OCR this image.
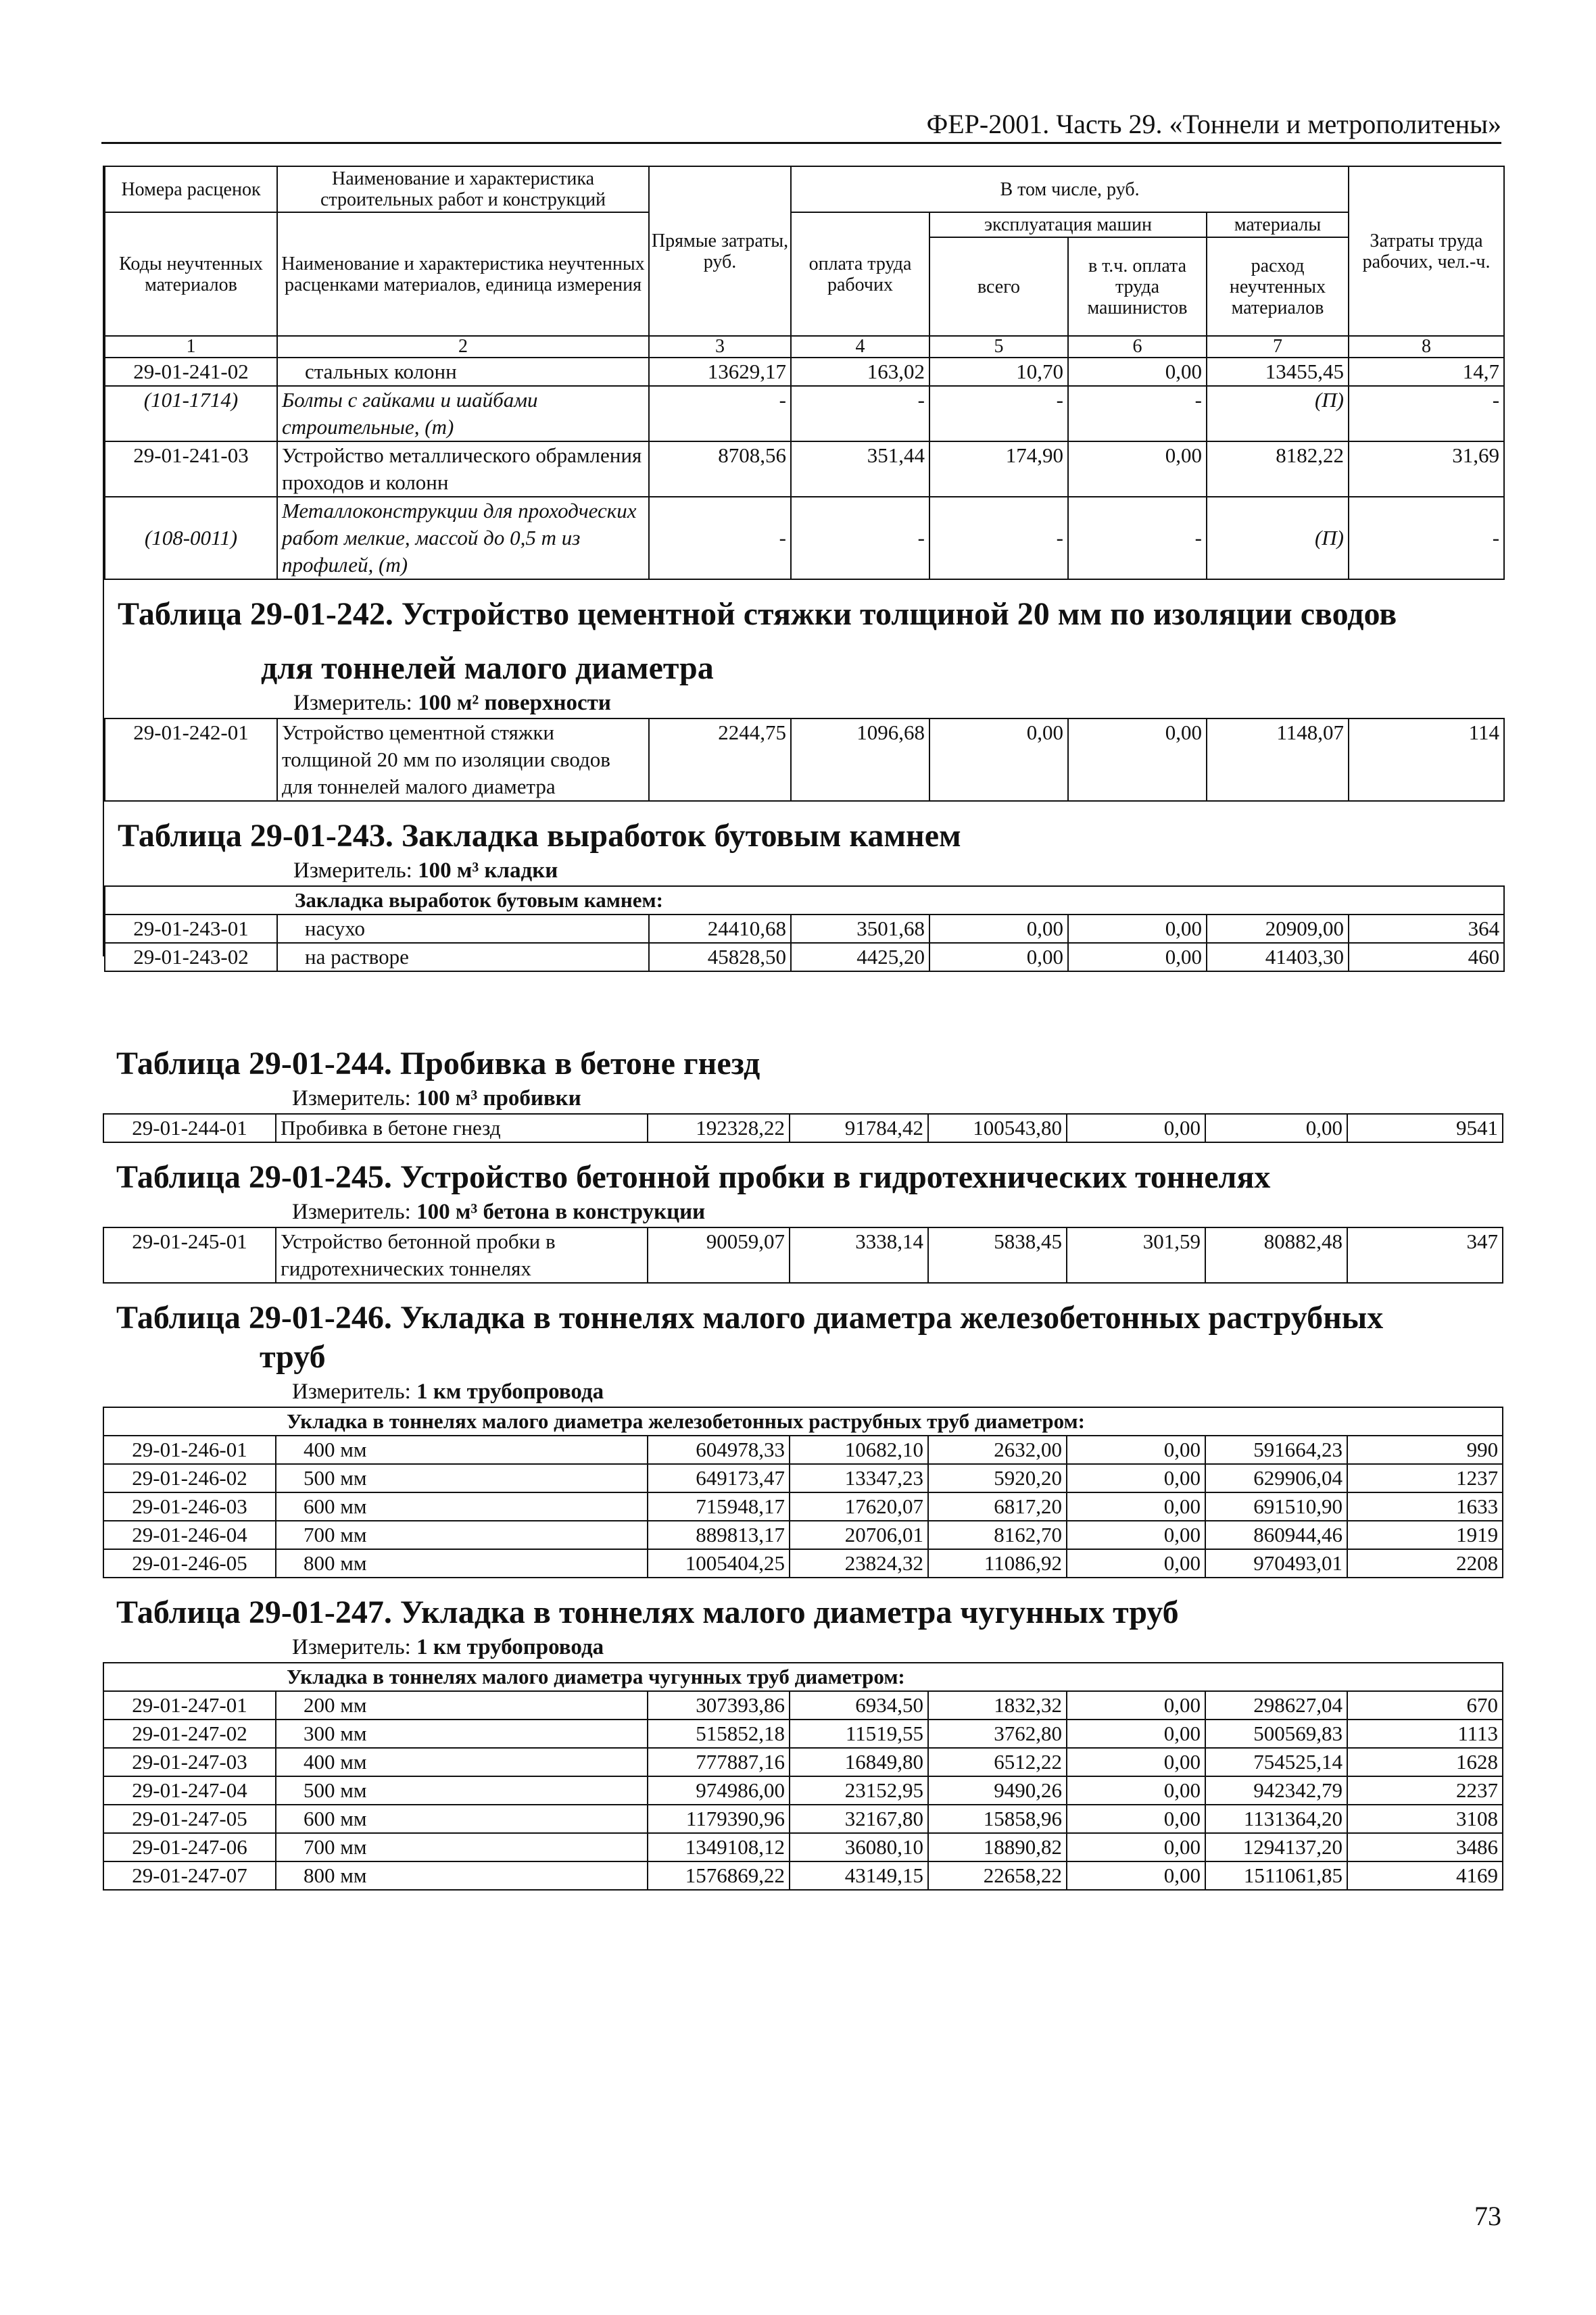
ФЕР-2001. Часть 29. «Тоннели и метрополитены»
Номера расценок	Наименование и характеристика строительных работ и конструкций	Прямые затраты, руб.	В том числе, руб.				Затраты труда рабочих, чел.-ч.
Коды неучтенных материалов	Наименование и характеристика неучтенных расценками материалов, единица измерения		оплата труда рабочих	эксплуатация машин		материалы	
				всего	в т.ч. оплата труда машинистов	расход неучтенных материалов	
1	2	3	4	5	6	7	8
29-01-241-02	стальных колонн	13629,17	163,02	10,70	0,00	13455,45	14,7
(101-1714)	Болты с гайками и шайбами строительные, (т)	-	-	-	-	(П)	-
29-01-241-03	Устройство металлического обрамления проходов и колонн	8708,56	351,44	174,90	0,00	8182,22	31,69
(108-0011)	Металлоконструкции для проходческих работ мелкие, массой до 0,5 т из профилей, (т)	-	-	-	-	(П)	-
Таблица 29-01-242. Устройство цементной стяжки толщиной 20 мм по изоляции сводов
для тоннелей малого диаметра
Измеритель: 100 м² поверхности
29-01-242-01	Устройство цементной стяжки толщиной 20 мм по изоляции сводов для тоннелей малого диаметра	2244,75	1096,68	0,00	0,00	1148,07	114
Таблица 29-01-243. Закладка выработок бутовым камнем
Измеритель: 100 м³ кладки
Закладка выработок бутовым камнем:							
29-01-243-01	насухо	24410,68	3501,68	0,00	0,00	20909,00	364
29-01-243-02	на растворе	45828,50	4425,20	0,00	0,00	41403,30	460
Таблица 29-01-244. Пробивка в бетоне гнезд
Измеритель: 100 м³ пробивки
29-01-244-01	Пробивка в бетоне гнезд	192328,22	91784,42	100543,80	0,00	0,00	9541
Таблица 29-01-245. Устройство бетонной пробки в гидротехнических тоннелях
Измеритель: 100 м³ бетона в конструкции
29-01-245-01	Устройство бетонной пробки в гидротехнических тоннелях	90059,07	3338,14	5838,45	301,59	80882,48	347
Таблица 29-01-246. Укладка в тоннелях малого диаметра железобетонных раструбных
труб
Измеритель: 1 км трубопровода
Укладка в тоннелях малого диаметра железобетонных раструбных труб диаметром:							
29-01-246-01	400 мм	604978,33	10682,10	2632,00	0,00	591664,23	990
29-01-246-02	500 мм	649173,47	13347,23	5920,20	0,00	629906,04	1237
29-01-246-03	600 мм	715948,17	17620,07	6817,20	0,00	691510,90	1633
29-01-246-04	700 мм	889813,17	20706,01	8162,70	0,00	860944,46	1919
29-01-246-05	800 мм	1005404,25	23824,32	11086,92	0,00	970493,01	2208
Таблица 29-01-247. Укладка в тоннелях малого диаметра чугунных труб
Измеритель: 1 км трубопровода
Укладка в тоннелях малого диаметра чугунных труб диаметром:							
29-01-247-01	200 мм	307393,86	6934,50	1832,32	0,00	298627,04	670
29-01-247-02	300 мм	515852,18	11519,55	3762,80	0,00	500569,83	1113
29-01-247-03	400 мм	777887,16	16849,80	6512,22	0,00	754525,14	1628
29-01-247-04	500 мм	974986,00	23152,95	9490,26	0,00	942342,79	2237
29-01-247-05	600 мм	1179390,96	32167,80	15858,96	0,00	1131364,20	3108
29-01-247-06	700 мм	1349108,12	36080,10	18890,82	0,00	1294137,20	3486
29-01-247-07	800 мм	1576869,22	43149,15	22658,22	0,00	1511061,85	4169
73
